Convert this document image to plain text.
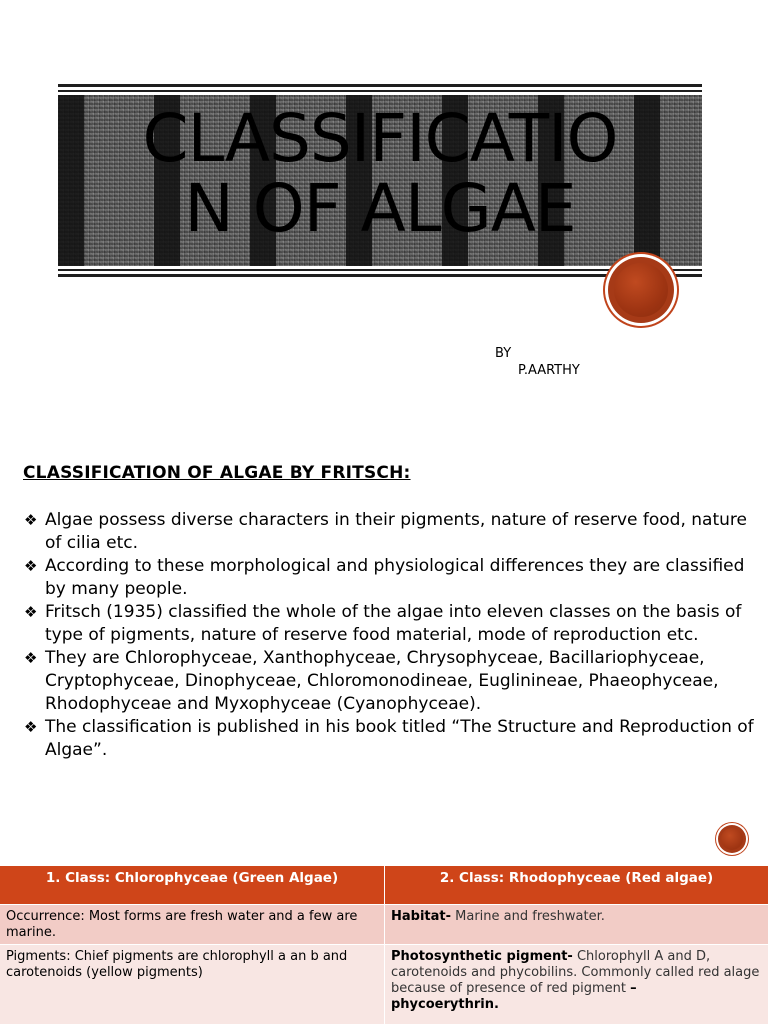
CLASSIFICATIO
N OF ALGAE
BY
P.AARTHY
CLASSIFICATION OF ALGAE BY FRITSCH:
❖ Algae possess diverse characters in their pigments, nature of reserve food, nature of cilia etc.
❖ According to these morphological and physiological differences they are classified by many people.
❖ Fritsch (1935) classified the whole of the algae into eleven classes on the basis of type of pigments, nature of reserve food material, mode of reproduction etc.
❖ They are Chlorophyceae, Xanthophyceae, Chrysophyceae, Bacillariophyceae, Cryptophyceae, Dinophyceae, Chloromonodineae, Euglinineae, Phaeophyceae, Rhodophyceae and Myxophyceae (Cyanophyceae).
❖ The classification is published in his book titled “The Structure and Reproduction of Algae”.
1. Class: Chlorophyceae (Green Algae)	2. Class: Rhodophyceae (Red algae)
Occurrence: Most forms are fresh water and a few are marine.
Habitat- Marine and freshwater.
Pigments: Chief pigments are chlorophyll a an b and carotenoids (yellow pigments)
Photosynthetic pigment- Chlorophyll A and D, carotenoids and phycobilins. Commonly called red alage because of presence of red pigment –
phycoerythrin.
